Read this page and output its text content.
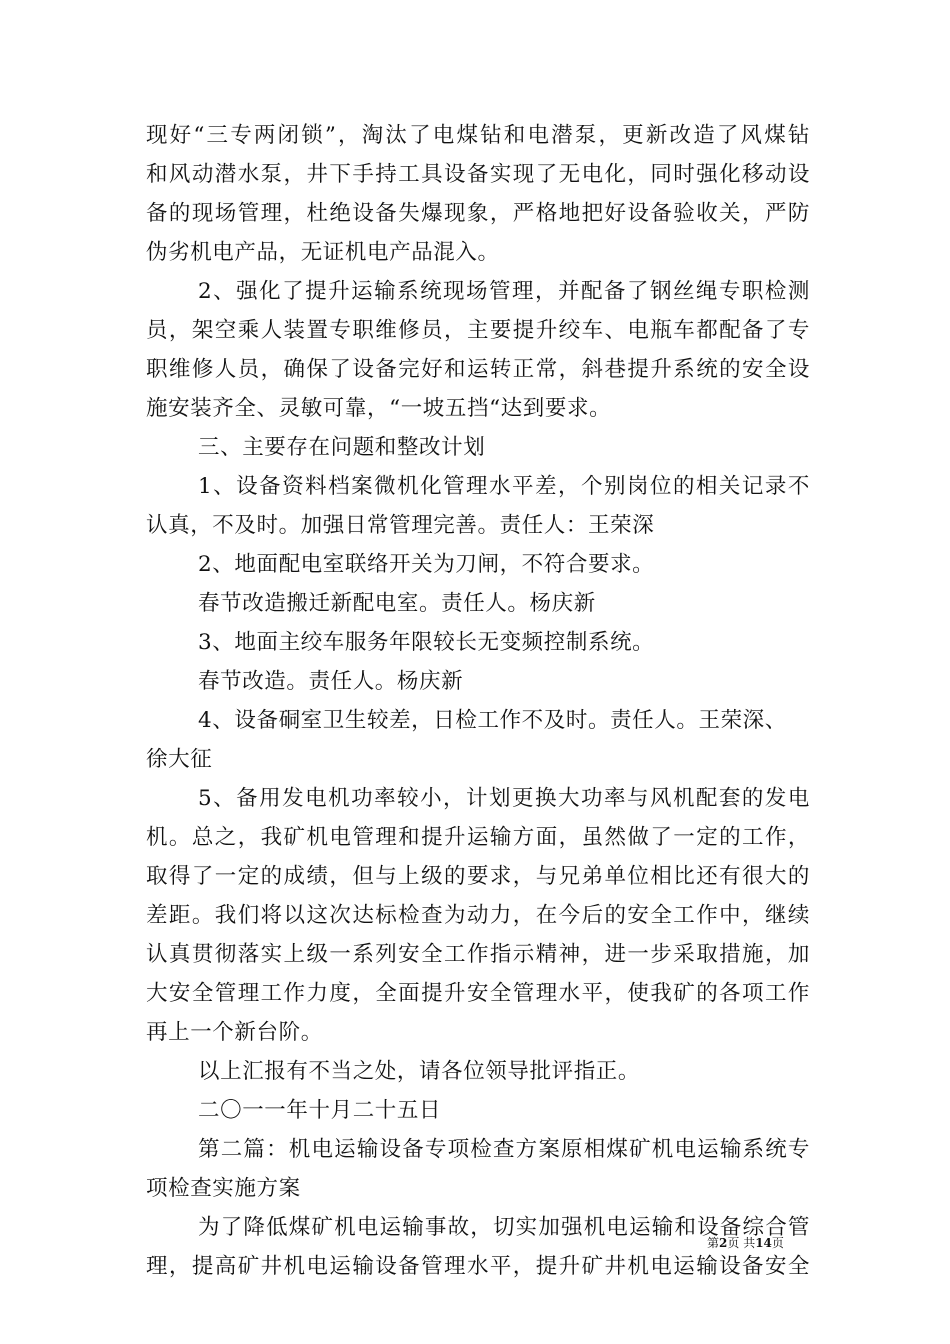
现好“三专两闭锁”，淘汰了电煤钻和电潜泵，更新改造了风煤钻
和风动潜水泵，井下手持工具设备实现了无电化，同时强化移动设
备的现场管理，杜绝设备失爆现象，严格地把好设备验收关，严防
伪劣机电产品，无证机电产品混入。
2、强化了提升运输系统现场管理，并配备了钢丝绳专职检测
员，架空乘人装置专职维修员，主要提升绞车、电瓶车都配备了专
职维修人员，确保了设备完好和运转正常，斜巷提升系统的安全设
施安装齐全、灵敏可靠，“一坡五挡“达到要求。
三、主要存在问题和整改计划
1、设备资料档案微机化管理水平差，个别岗位的相关记录不
认真，不及时。加强日常管理完善。责任人：王荣深
2、地面配电室联络开关为刀闸，不符合要求。
春节改造搬迁新配电室。责任人。杨庆新
3、地面主绞车服务年限较长无变频控制系统。
春节改造。责任人。杨庆新
4、设备硐室卫生较差，日检工作不及时。责任人。王荣深、
徐大征
5、备用发电机功率较小，计划更换大功率与风机配套的发电
机。总之，我矿机电管理和提升运输方面，虽然做了一定的工作，
取得了一定的成绩，但与上级的要求，与兄弟单位相比还有很大的
差距。我们将以这次达标检查为动力，在今后的安全工作中，继续
认真贯彻落实上级一系列安全工作指示精神，进一步采取措施，加
大安全管理工作力度，全面提升安全管理水平，使我矿的各项工作
再上一个新台阶。
以上汇报有不当之处，请各位领导批评指正。
二〇一一年十月二十五日
第二篇：机电运输设备专项检查方案原相煤矿机电运输系统专
项检查实施方案
为了降低煤矿机电运输事故，切实加强机电运输和设备综合管
理，提高矿井机电运输设备管理水平，提升矿井机电运输设备安全
第2页 共14页
